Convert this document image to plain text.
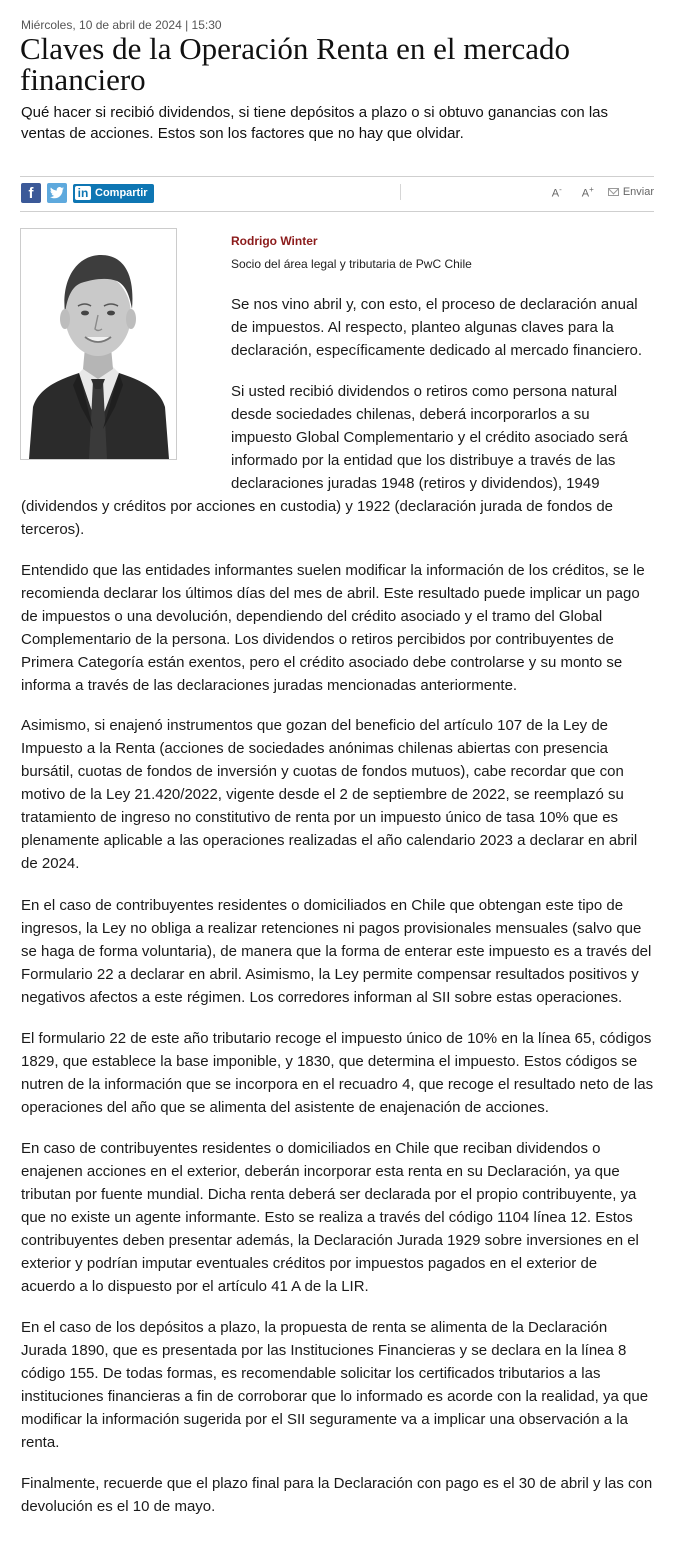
Miércoles, 10 de abril de 2024 | 15:30
Claves de la Operación Renta en el mercado
financiero

Qué hacer si recibió dividendos, si tiene depósitos a plazo o si obtuvo ganancias con las ventas de acciones. Estos son los factores que no hay que olvidar.

f	in Compartir	A- A+	Enviar
Rodrigo Winter
Socio del área legal y tributaria de PwC Chile

Se nos vino abril y, con esto, el proceso de declaración anual
de impuestos. Al respecto, planteo algunas claves para la
declaración, específicamente dedicado al mercado financiero.

Si usted recibió dividendos o retiros como persona natural
desde sociedades chilenas, deberá incorporarlos a su
impuesto Global Complementario y el crédito asociado será
informado por la entidad que los distribuye a través de las
declaraciones juradas 1948 (retiros y dividendos), 1949

(dividendos y créditos por acciones en custodia) y 1922 (declaración jurada de fondos de
terceros).

Entendido que las entidades informantes suelen modificar la información de los créditos, se le
recomienda declarar los últimos días del mes de abril. Este resultado puede implicar un pago
de impuestos o una devolución, dependiendo del crédito asociado y el tramo del Global
Complementario de la persona. Los dividendos o retiros percibidos por contribuyentes de
Primera Categoría están exentos, pero el crédito asociado debe controlarse y su monto se
informa a través de las declaraciones juradas mencionadas anteriormente.

Asimismo, si enajenó instrumentos que gozan del beneficio del artículo 107 de la Ley de
Impuesto a la Renta (acciones de sociedades anónimas chilenas abiertas con presencia
bursátil, cuotas de fondos de inversión y cuotas de fondos mutuos), cabe recordar que con
motivo de la Ley 21.420/2022, vigente desde el 2 de septiembre de 2022, se reemplazó su
tratamiento de ingreso no constitutivo de renta por un impuesto único de tasa 10% que es
plenamente aplicable a las operaciones realizadas el año calendario 2023 a declarar en abril
de 2024.

En el caso de contribuyentes residentes o domiciliados en Chile que obtengan este tipo de
ingresos, la Ley no obliga a realizar retenciones ni pagos provisionales mensuales (salvo que
se haga de forma voluntaria), de manera que la forma de enterar este impuesto es a través del
Formulario 22 a declarar en abril. Asimismo, la Ley permite compensar resultados positivos y
negativos afectos a este régimen. Los corredores informan al SII sobre estas operaciones.

El formulario 22 de este año tributario recoge el impuesto único de 10% en la línea 65, códigos
1829, que establece la base imponible, y 1830, que determina el impuesto. Estos códigos se
nutren de la información que se incorpora en el recuadro 4, que recoge el resultado neto de las
operaciones del año que se alimenta del asistente de enajenación de acciones.

En caso de contribuyentes residentes o domiciliados en Chile que reciban dividendos o
enajenen acciones en el exterior, deberán incorporar esta renta en su Declaración, ya que
tributan por fuente mundial. Dicha renta deberá ser declarada por el propio contribuyente, ya
que no existe un agente informante. Esto se realiza a través del código 1104 línea 12. Estos
contribuyentes deben presentar además, la Declaración Jurada 1929 sobre inversiones en el
exterior y podrían imputar eventuales créditos por impuestos pagados en el exterior de
acuerdo a lo dispuesto por el artículo 41 A de la LIR.

En el caso de los depósitos a plazo, la propuesta de renta se alimenta de la Declaración
Jurada 1890, que es presentada por las Instituciones Financieras y se declara en la línea 8
código 155. De todas formas, es recomendable solicitar los certificados tributarios a las
instituciones financieras a fin de corroborar que lo informado es acorde con la realidad, ya que
modificar la información sugerida por el SII seguramente va a implicar una observación a la
renta.

Finalmente, recuerde que el plazo final para la Declaración con pago es el 30 de abril y las con
devolución es el 10 de mayo.
